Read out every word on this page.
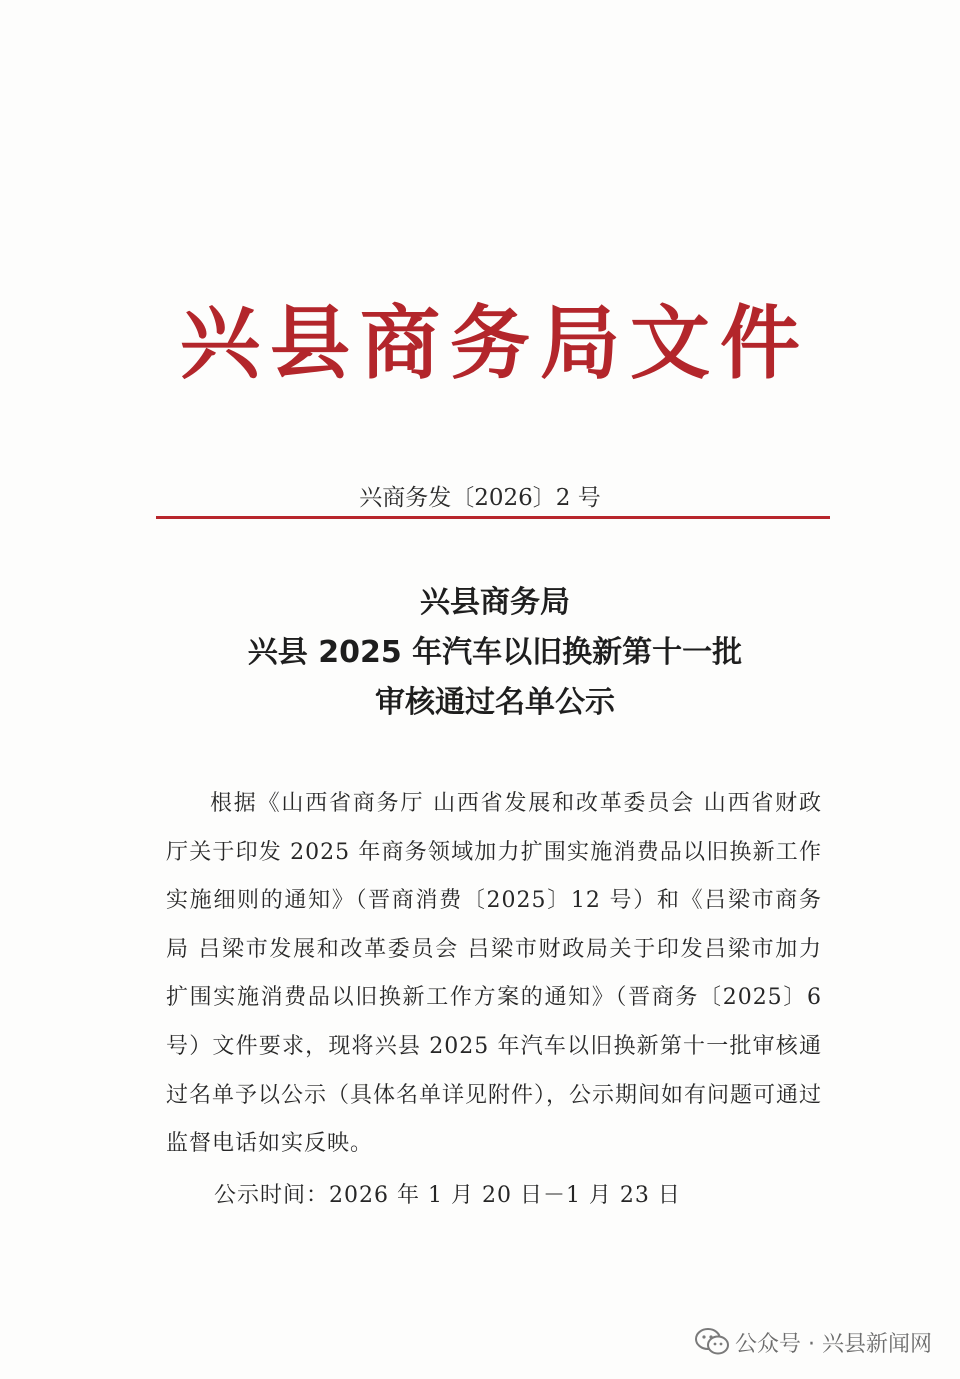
兴县商务局文件
兴商务发〔2026〕2 号
兴县商务局
兴县 2025 年汽车以旧换新第十一批
审核通过名单公示
根据《山西省商务厅 山西省发展和改革委员会 山西省财政厅关于印发 2025 年商务领域加力扩围实施消费品以旧换新工作实施细则的通知》（晋商消费〔2025〕12 号）和《吕梁市商务局 吕梁市发展和改革委员会 吕梁市财政局关于印发吕梁市加力扩围实施消费品以旧换新工作方案的通知》（晋商务〔2025〕6 号）文件要求，现将兴县 2025 年汽车以旧换新第十一批审核通过名单予以公示（具体名单详见附件），公示期间如有问题可通过监督电话如实反映。
公示时间：2026 年 1 月 20 日－1 月 23 日
公众号 · 兴县新闻网
